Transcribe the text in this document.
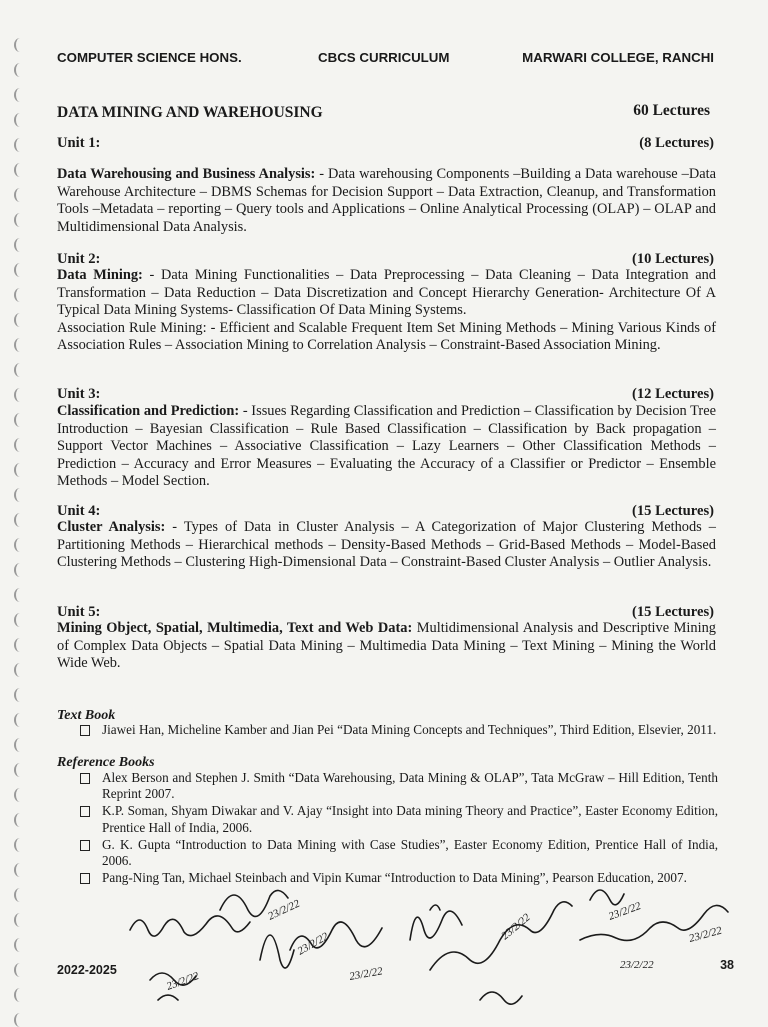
COMPUTER SCIENCE HONS.	CBCS CURRICULUM	MARWARI COLLEGE, RANCHI
DATA MINING AND WAREHOUSING	60 Lectures
Unit 1:	(8 Lectures)
Data Warehousing and Business Analysis: - Data warehousing Components –Building a Data warehouse –Data Warehouse Architecture – DBMS Schemas for Decision Support – Data Extraction, Cleanup, and Transformation Tools –Metadata – reporting – Query tools and Applications – Online Analytical Processing (OLAP) – OLAP and Multidimensional Data Analysis.
Unit 2:	(10 Lectures)
Data Mining: - Data Mining Functionalities – Data Preprocessing – Data Cleaning – Data Integration and Transformation – Data Reduction – Data Discretization and Concept Hierarchy Generation- Architecture Of A Typical Data Mining Systems- Classification Of Data Mining Systems.
Association Rule Mining: - Efficient and Scalable Frequent Item Set Mining Methods – Mining Various Kinds of Association Rules – Association Mining to Correlation Analysis – Constraint-Based Association Mining.
Unit 3:	(12 Lectures)
Classification and Prediction: - Issues Regarding Classification and Prediction – Classification by Decision Tree Introduction – Bayesian Classification – Rule Based Classification – Classification by Back propagation – Support Vector Machines – Associative Classification – Lazy Learners – Other Classification Methods – Prediction – Accuracy and Error Measures – Evaluating the Accuracy of a Classifier or Predictor – Ensemble Methods – Model Section.
Unit 4:	(15 Lectures)
Cluster Analysis: - Types of Data in Cluster Analysis – A Categorization of Major Clustering Methods – Partitioning Methods – Hierarchical methods – Density-Based Methods – Grid-Based Methods – Model-Based Clustering Methods – Clustering High-Dimensional Data – Constraint-Based Cluster Analysis – Outlier Analysis.
Unit 5:	(15 Lectures)
Mining Object, Spatial, Multimedia, Text and Web Data: Multidimensional Analysis and Descriptive Mining of Complex Data Objects – Spatial Data Mining – Multimedia Data Mining – Text Mining – Mining the World Wide Web.
Text Book
Jiawei Han, Micheline Kamber and Jian Pei “Data Mining Concepts and Techniques”, Third Edition, Elsevier, 2011.
Reference Books
Alex Berson and Stephen J. Smith “Data Warehousing, Data Mining & OLAP”, Tata McGraw – Hill Edition, Tenth Reprint 2007.
K.P. Soman, Shyam Diwakar and V. Ajay “Insight into Data mining Theory and Practice”, Easter Economy Edition, Prentice Hall of India, 2006.
G. K. Gupta “Introduction to Data Mining with Case Studies”, Easter Economy Edition, Prentice Hall of India, 2006.
Pang-Ning Tan, Michael Steinbach and Vipin Kumar “Introduction to Data Mining”, Pearson Education, 2007.
23/2/22
23/2/22
23/2/22
23/2/22
23/2/22
23/2/22
23/2/22
23/2/22
2022-2025	38
